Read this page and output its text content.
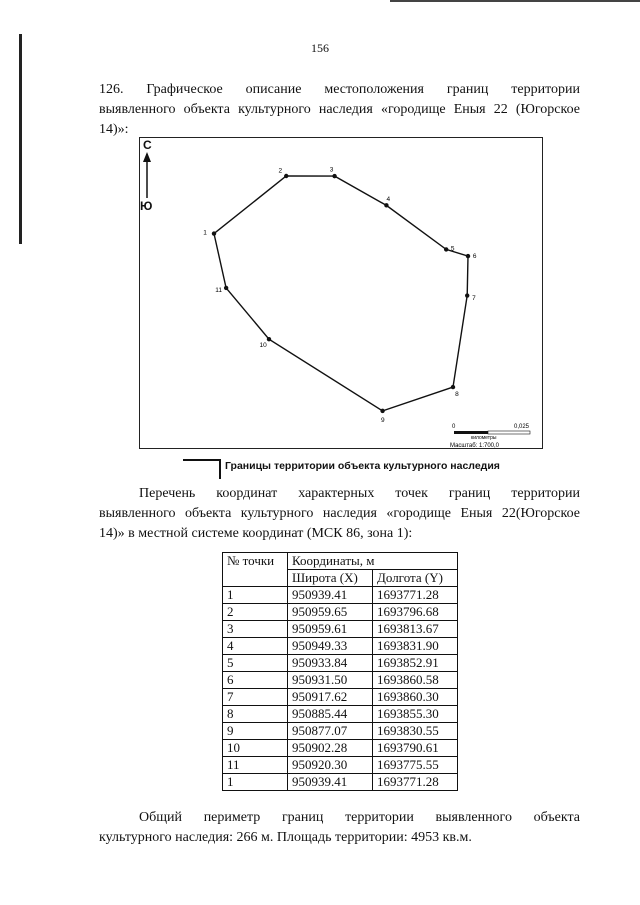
156
126. Графическое описание местоположения границ территории
выявленного объекта культурного наследия «городище Еныя 22 (Югорское
14)»:
С
Ю
1
2	3
4
5
6
7
8
9
10
11
0	0,025
километры
Масштаб: 1:700,0
Границы территории объекта культурного наследия
Перечень координат характерных точек границ территории
выявленного объекта культурного наследия «городище Еныя 22(Югорское
14)» в местной системе координат (МСК 86, зона 1):
№ точки	Координаты, м	
	Широта (X)	Долгота (Y)
1	950939.41	1693771.28
2	950959.65	1693796.68
3	950959.61	1693813.67
4	950949.33	1693831.90
5	950933.84	1693852.91
6	950931.50	1693860.58
7	950917.62	1693860.30
8	950885.44	1693855.30
9	950877.07	1693830.55
10	950902.28	1693790.61
11	950920.30	1693775.55
1	950939.41	1693771.28
Общий периметр границ территории выявленного объекта
культурного наследия: 266 м. Площадь территории: 4953 кв.м.
